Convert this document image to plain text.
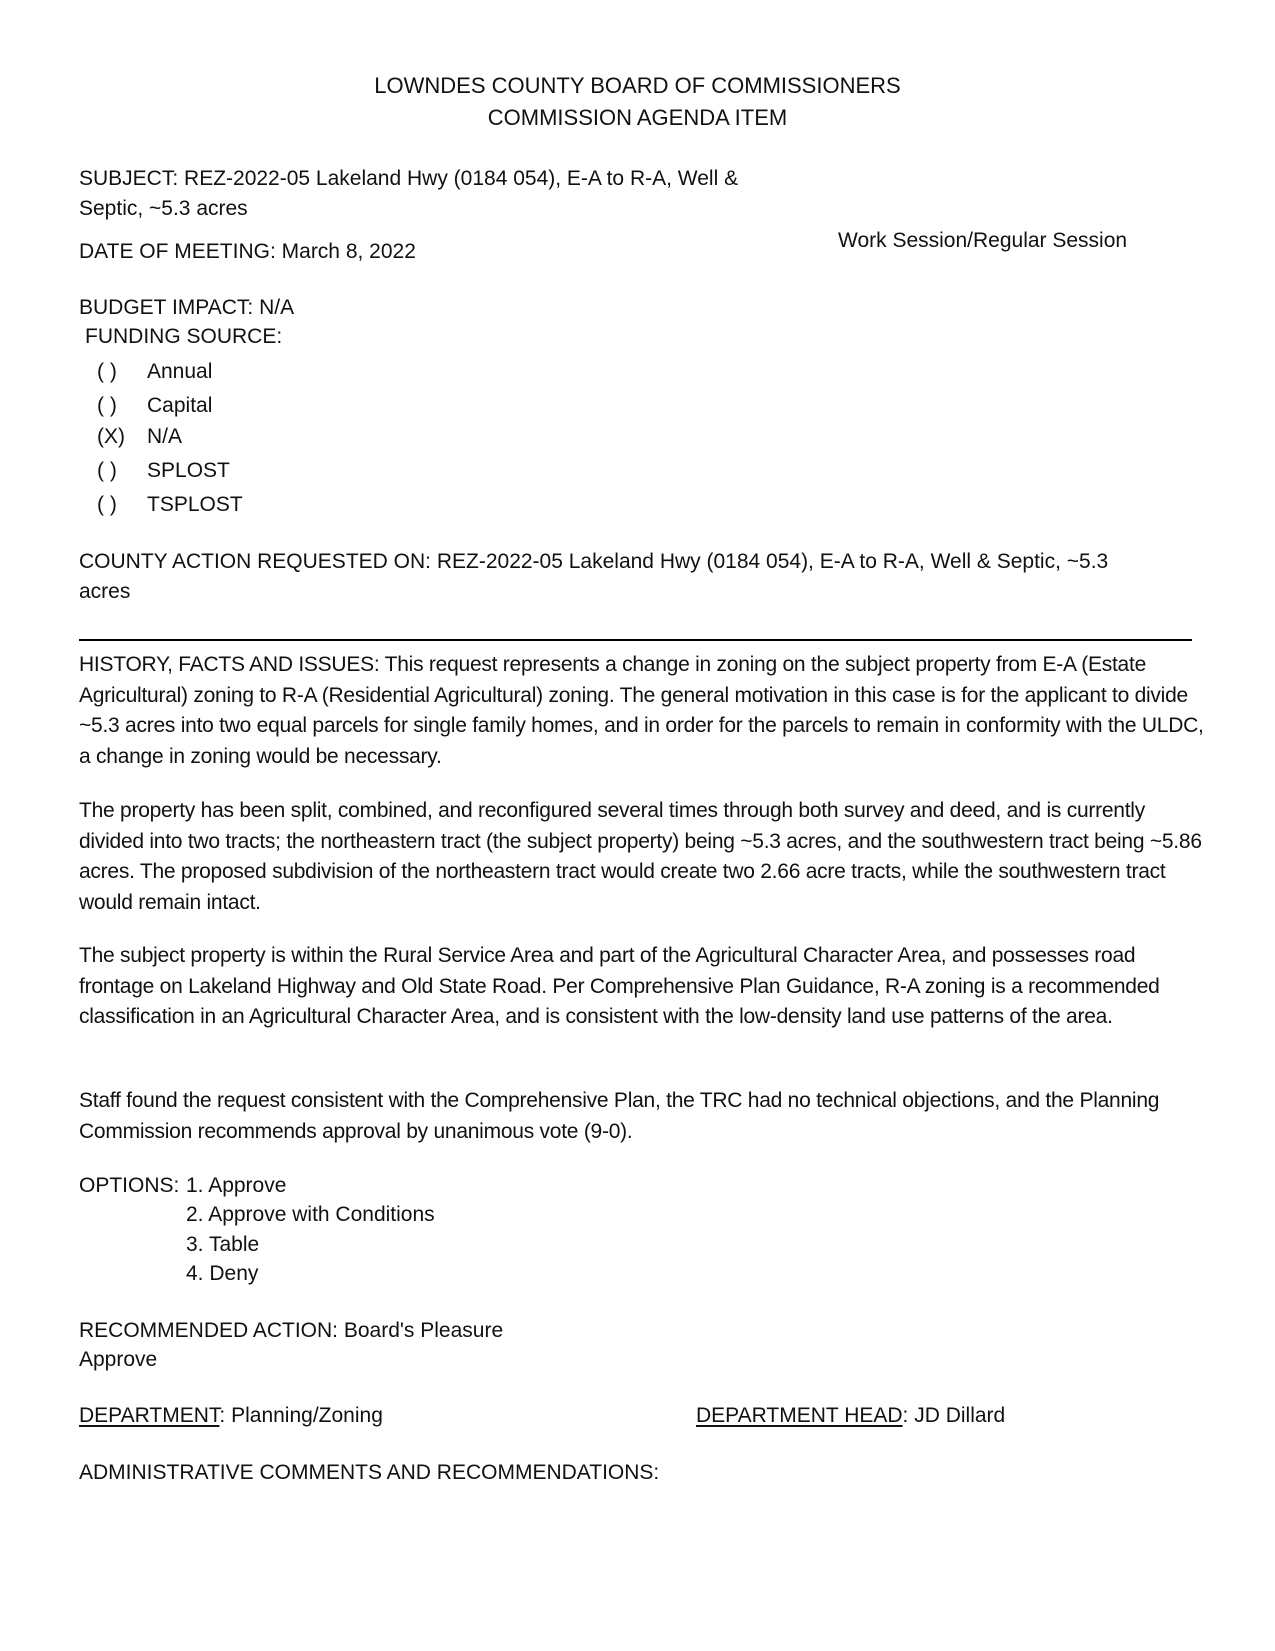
LOWNDES COUNTY BOARD OF COMMISSIONERS
COMMISSION AGENDA ITEM
SUBJECT: REZ-2022-05 Lakeland Hwy (0184 054), E-A to R-A, Well &
Septic, ~5.3 acres
DATE OF MEETING: March 8, 2022	Work Session/Regular Session
BUDGET IMPACT: N/A
FUNDING SOURCE:
( ) Annual
( ) Capital
(X) N/A
( ) SPLOST
( ) TSPLOST
COUNTY ACTION REQUESTED ON: REZ-2022-05 Lakeland Hwy (0184 054), E-A to R-A, Well & Septic, ~5.3
acres
HISTORY, FACTS AND ISSUES: This request represents a change in zoning on the subject property from E-A (Estate Agricultural) zoning to R-A (Residential Agricultural) zoning. The general motivation in this case is for the applicant to divide ~5.3 acres into two equal parcels for single family homes, and in order for the parcels to remain in conformity with the ULDC, a change in zoning would be necessary.
The property has been split, combined, and reconfigured several times through both survey and deed, and is currently divided into two tracts; the northeastern tract (the subject property) being ~5.3 acres, and the southwestern tract being ~5.86 acres. The proposed subdivision of the northeastern tract would create two 2.66 acre tracts, while the southwestern tract would remain intact.
The subject property is within the Rural Service Area and part of the Agricultural Character Area, and possesses road frontage on Lakeland Highway and Old State Road. Per Comprehensive Plan Guidance, R-A zoning is a recommended classification in an Agricultural Character Area, and is consistent with the low-density land use patterns of the area.
Staff found the request consistent with the Comprehensive Plan, the TRC had no technical objections, and the Planning Commission recommends approval by unanimous vote (9-0).
OPTIONS: 1. Approve
2. Approve with Conditions
3. Table
4. Deny
RECOMMENDED ACTION: Board's Pleasure
Approve
DEPARTMENT: Planning/Zoning	DEPARTMENT HEAD: JD Dillard
ADMINISTRATIVE COMMENTS AND RECOMMENDATIONS:
